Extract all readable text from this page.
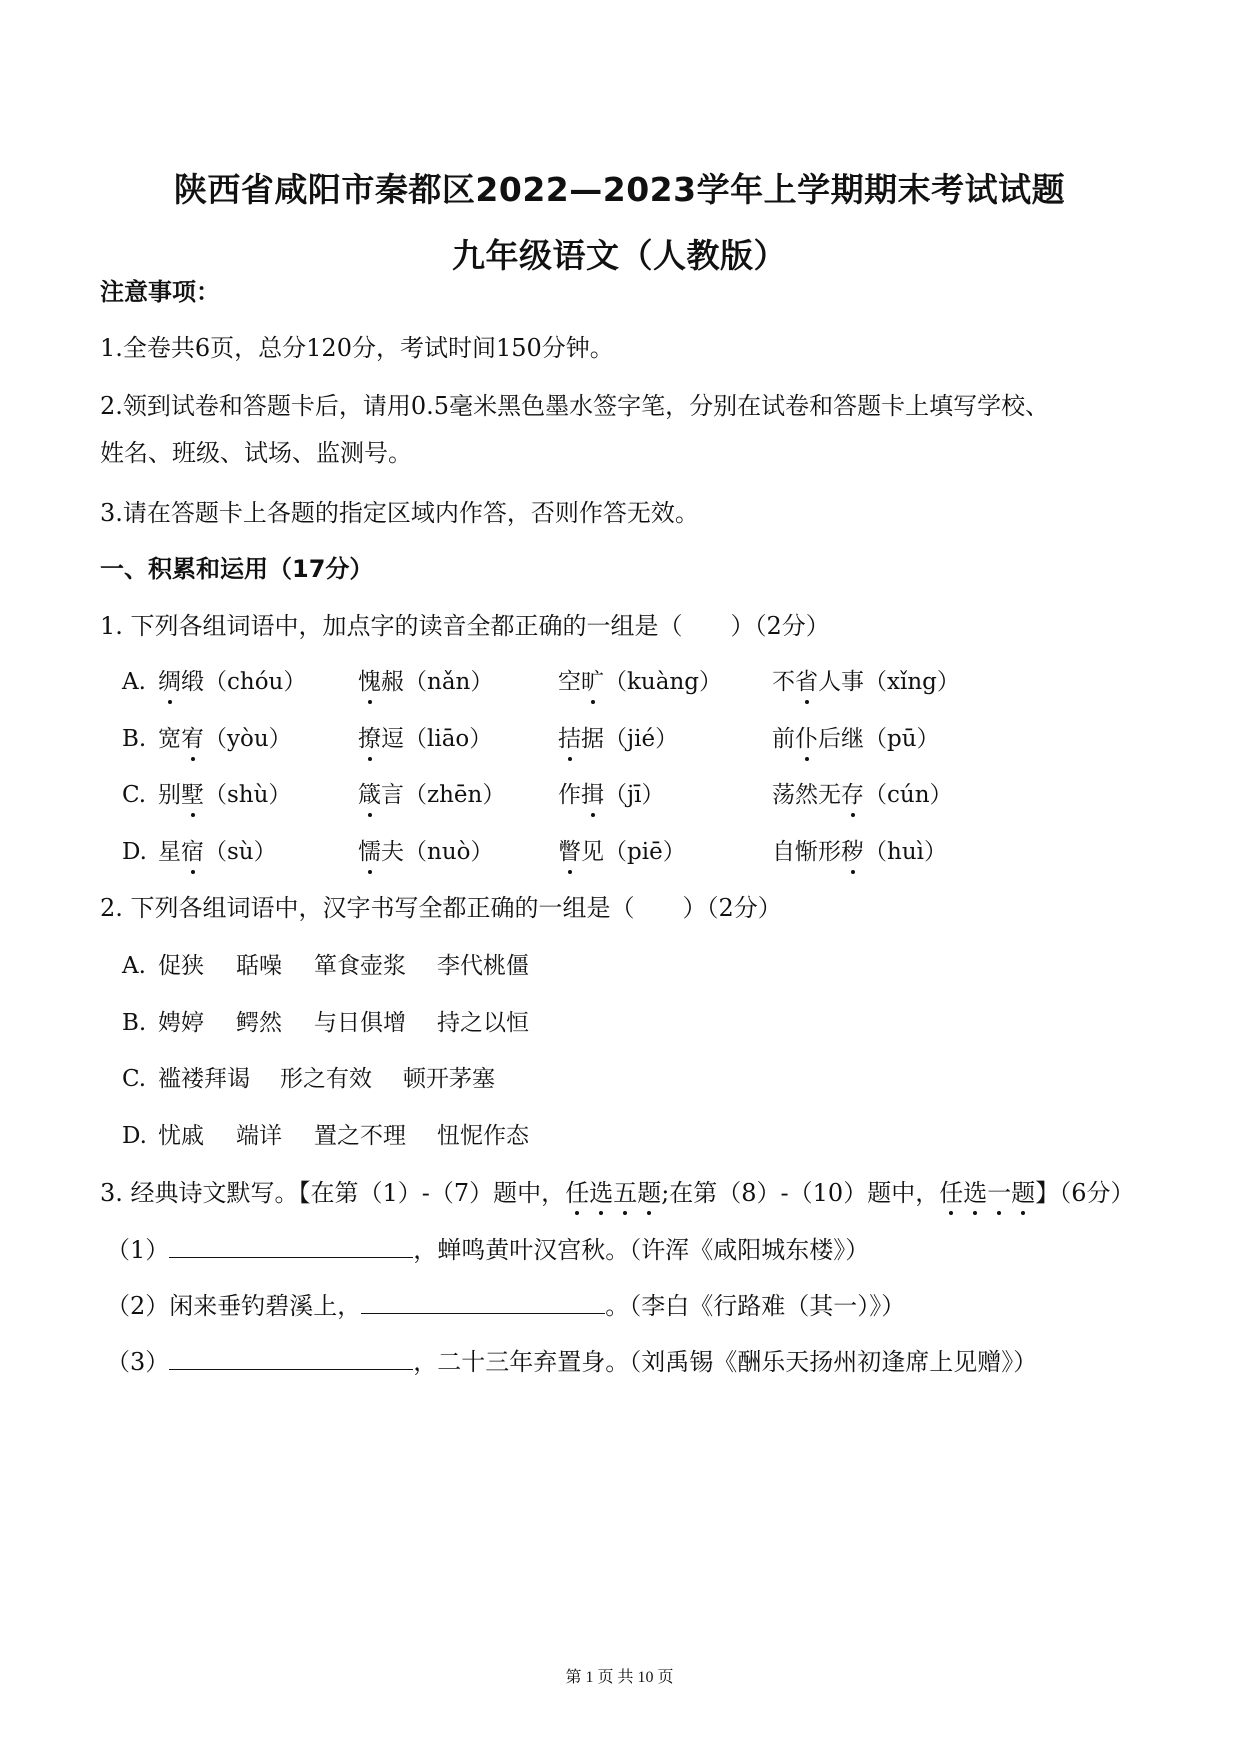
陕西省咸阳市秦都区2022—2023学年上学期期末考试试题
九年级语文（人教版）
注意事项：
1.全卷共6页，总分120分，考试时间150分钟。
2.领到试卷和答题卡后，请用0.5毫米黑色墨水签字笔，分别在试卷和答题卡上填写学校、
姓名、班级、试场、监测号。
3.请在答题卡上各题的指定区域内作答，否则作答无效。
一、积累和运用（17分）
1. 下列各组词语中，加点字的读音全都正确的一组是（　　）（2分）
A. 绸缎（chóu） 愧赧（nǎn）	空旷（kuàng） 不省人事（xǐng）
B. 宽宥（yòu）	撩逗（liāo）	拮据（jié）	前仆后继（pū）
C. 别墅（shù）	箴言（zhēn） 作揖（jī）	荡然无存（cún）
D. 星宿（sù）	懦夫（nuò）	瞥见（piē）	自惭形秽（huì）
2. 下列各组词语中，汉字书写全都正确的一组是（　　）（2分）
A. 促狭 聒噪 箪食壶浆 李代桃僵
B. 娉婷 鳄然 与日俱增 持之以恒
C. 褴褛拜谒 形之有效 顿开茅塞
D. 忧戚 端详 置之不理 忸怩作态
3. 经典诗文默写。【在第（1）-（7）题中，任选五题;在第（8）-（10）题中，任选一题】（6分）
（1）	，蝉鸣黄叶汉宫秋。（许浑《咸阳城东楼》）
（2）闲来垂钓碧溪上，	。（李白《行路难（其一）》）
（3）	，二十三年弃置身。（刘禹锡《酬乐天扬州初逢席上见赠》）
第 1 页 共 10 页
